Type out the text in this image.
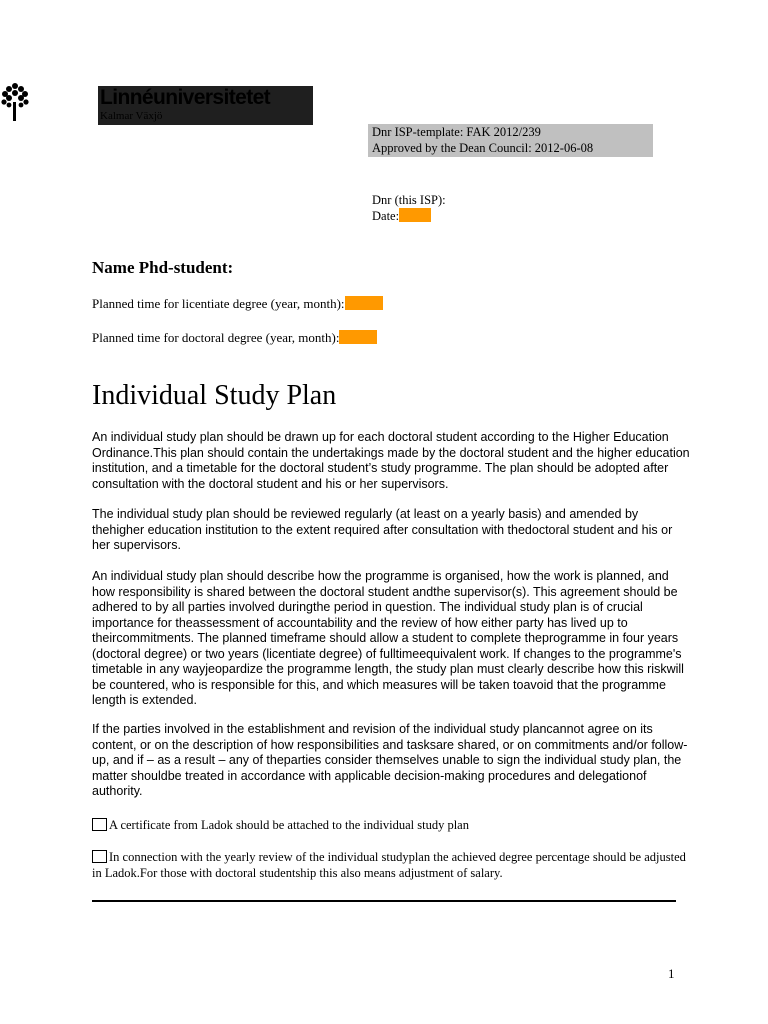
Linnéuniversitetet
Kalmar Växjö
Dnr ISP-template: FAK 2012/239
Approved by the Dean Council: 2012-06-08
Dnr (this ISP):
Date:
Name Phd-student:
Planned time for licentiate degree (year, month):
Planned time for doctoral degree (year, month):
Individual Study Plan
An individual study plan should be drawn up for each doctoral student according to the Higher Education Ordinance.This plan should contain the undertakings made by the doctoral student and the higher education institution, and a timetable for the doctoral student’s study programme. The plan should be adopted after consultation with the doctoral student and his or her supervisors.
The individual study plan should be reviewed regularly (at least on a yearly basis) and amended by thehigher education institution to the extent required after consultation with thedoctoral student and his or her supervisors.
An individual study plan should describe how the programme is organised, how the work is planned, and how responsibility is shared between the doctoral student andthe supervisor(s). This agreement should be adhered to by all parties involved duringthe period in question. The individual study plan is of crucial importance for theassessment of accountability and the review of how either party has lived up to theircommitments. The planned timeframe should allow a student to complete theprogramme in four years (doctoral degree) or two years (licentiate degree) of fulltimeequivalent work. If changes to the programme's timetable in any wayjeopardize the programme length, the study plan must clearly describe how this riskwill be countered, who is responsible for this, and which measures will be taken toavoid that the programme length is extended.
If the parties involved in the establishment and revision of the individual study plancannot agree on its content, or on the description of how responsibilities and tasksare shared, or on commitments and/or follow-up, and if – as a result – any of theparties consider themselves unable to sign the individual study plan, the matter shouldbe treated in accordance with applicable decision-making procedures and delegationof authority.
A certificate from Ladok should be attached to the individual study plan
In connection with the yearly review of the individual studyplan the achieved degree percentage should be adjusted in Ladok.For those with doctoral studentship this also means adjustment of salary.
1
